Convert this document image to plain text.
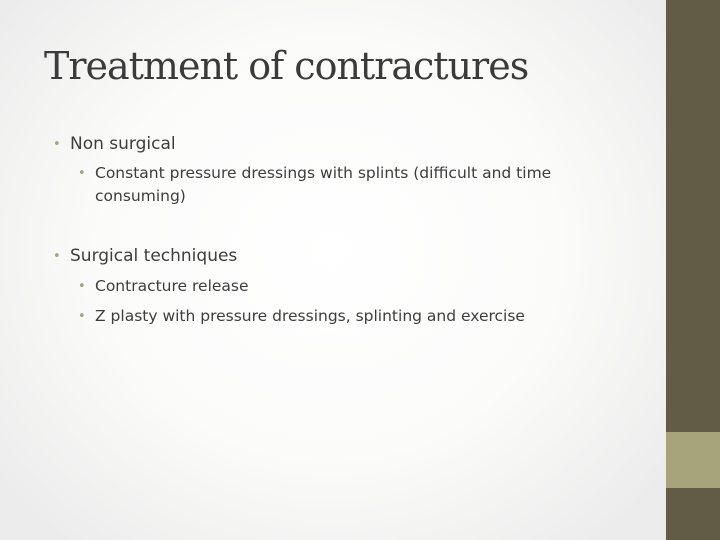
Treatment of contractures
• Non surgical
• Constant pressure dressings with splints (difficult and time
consuming)
• Surgical techniques
• Contracture release
• Z plasty with pressure dressings, splinting and exercise
